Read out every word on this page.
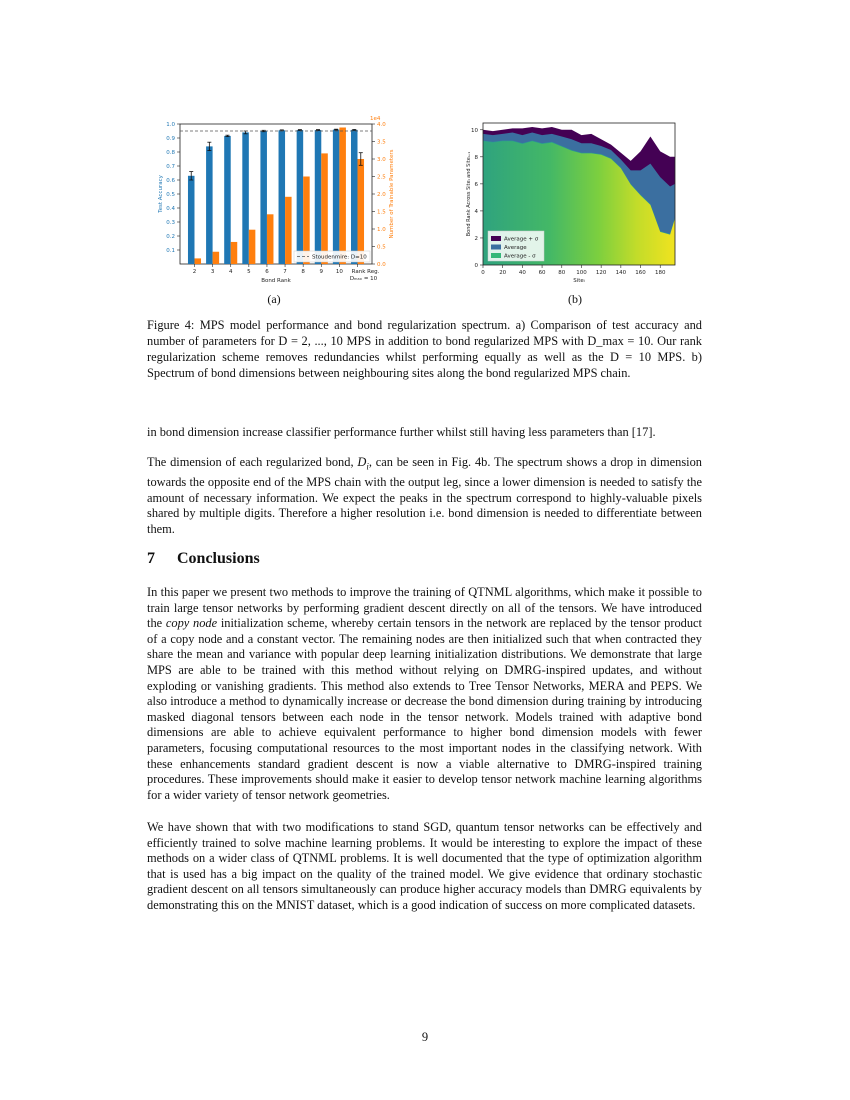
0.1
0.2
0.3
0.4
0.5
0.6
0.7
0.8
0.9
1.0
0.0
0.5
1.0
1.5
2.0
2.5
3.0
3.5
4.0
1e4
Test Accuracy	Number of Trainable Parameters
Bond Rank
2	3	4	5	6	7	8	9 10 Rank Reg.
Dₘₐₓ = 10
Stoudenmire: D=10
(a)
0
2
4
6
8
10
0	20 40 60 80 100 120 140 160 180
Siteᵢ
Bond Rank Across Siteᵢ and Siteᵢ₊₁
Average + σ
Average
Average - σ
(b)
Figure 4: MPS model performance and bond regularization spectrum. a) Comparison of test accuracy and number of parameters for D = 2, ..., 10 MPS in addition to bond regularized MPS with D_max = 10. Our rank regularization scheme removes redundancies whilst performing equally as well as the D = 10 MPS. b) Spectrum of bond dimensions between neighbouring sites along the bond regularized MPS chain.

in bond dimension increase classifier performance further whilst still having less parameters than [17].

The dimension of each regularized bond, $D_i$, can be seen in Fig. 4b. The spectrum shows a drop in dimension towards the opposite end of the MPS chain with the output leg, since a lower dimension is needed to satisfy the amount of necessary information. We expect the peaks in the spectrum correspond to highly-valuable pixels shared by multiple digits. Therefore a higher resolution i.e. bond dimension is needed to differentiate between them.

7 Conclusions

In this paper we present two methods to improve the training of QTNML algorithms, which make it possible to train large tensor networks by performing gradient descent directly on all of the tensors. We have introduced the copy node initialization scheme, whereby certain tensors in the network are replaced by the tensor product of a copy node and a constant vector. The remaining nodes are then initialized such that when contracted they share the mean and variance with popular deep learning initialization distributions. We demonstrate that large MPS are able to be trained with this method without relying on DMRG-inspired updates, and without exploding or vanishing gradients. This method also extends to Tree Tensor Networks, MERA and PEPS. We also introduce a method to dynamically increase or decrease the bond dimension during training by introducing masked diagonal tensors between each node in the tensor network. Models trained with adaptive bond dimensions are able to achieve equivalent performance to higher bond dimension models with fewer parameters, focusing computational resources to the most important nodes in the classifying network. With these enhancements standard gradient descent is now a viable alternative to DMRG-inspired training procedures. These improvements should make it easier to develop tensor network machine learning algorithms for a wider variety of tensor network geometries.

We have shown that with two modifications to stand SGD, quantum tensor networks can be effectively and efficiently trained to solve machine learning problems. It would be interesting to explore the impact of these methods on a wider class of QTNML problems. It is well documented that the type of optimization algorithm that is used has a big impact on the quality of the trained model. We give evidence that ordinary stochastic gradient descent on all tensors simultaneously can produce higher accuracy models than DMRG equivalents by demonstrating this on the MNIST dataset, which is a good indication of success on more complicated datasets.

9
